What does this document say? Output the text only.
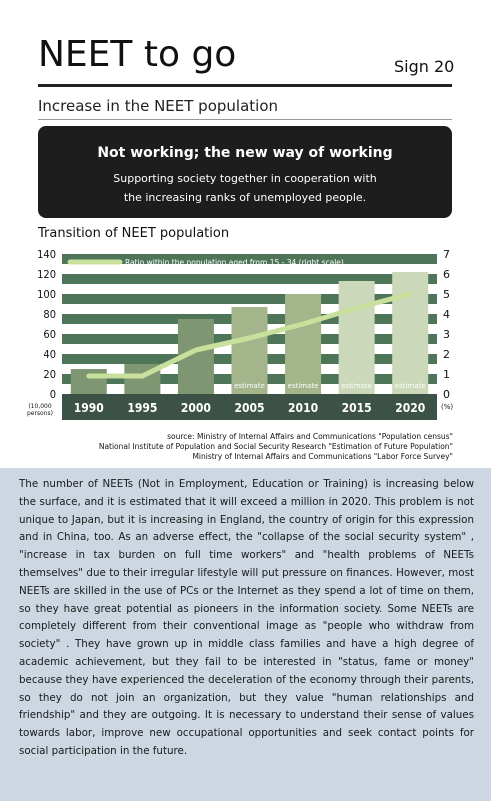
NEET to go	Sign 20
Increase in the NEET population
Not working; the new way of working
Supporting society together in cooperation with
the increasing ranks of unemployed people.
Transition of NEET population
0
20
40
60
80
100
120
140
0
1
2
3
4
5
6
7
(10,000
persons)
(%)
1990 1995 2000
estimate
2005
estimate
2010
estimate
2015
estimate
2020
Ratio within the population aged from 15 - 34 (right scale)
source: Ministry of Internal Affairs and Communications "Population census"
National Institute of Population and Social Security Research "Estimation of Future Population"
Ministry of Internal Affairs and Communications "Labor Force Survey"
The number of NEETs (Not in Employment, Education or Training) is increasing below the surface, and it is estimated that it will exceed a million in 2020. This problem is not unique to Japan, but it is increasing in England, the country of origin for this expression and in China, too. As an adverse effect, the "collapse of the social security system" , "increase in tax burden on full time workers" and "health problems of NEETs themselves" due to their irregular lifestyle will put pressure on finances. However, most NEETs are skilled in the use of PCs or the Internet as they spend a lot of time on them, so they have great potential as pioneers in the information society. Some NEETs are completely different from their conventional image as "people who withdraw from society" . They have grown up in middle class families and have a high degree of academic achievement, but they fail to be interested in "status, fame or money" because they have experienced the deceleration of the economy through their parents, so they do not join an organization, but they value "human relationships and friendship" and they are outgoing. It is necessary to understand their sense of values towards labor, improve new occupational opportunities and seek contact points for social participation in the future.
